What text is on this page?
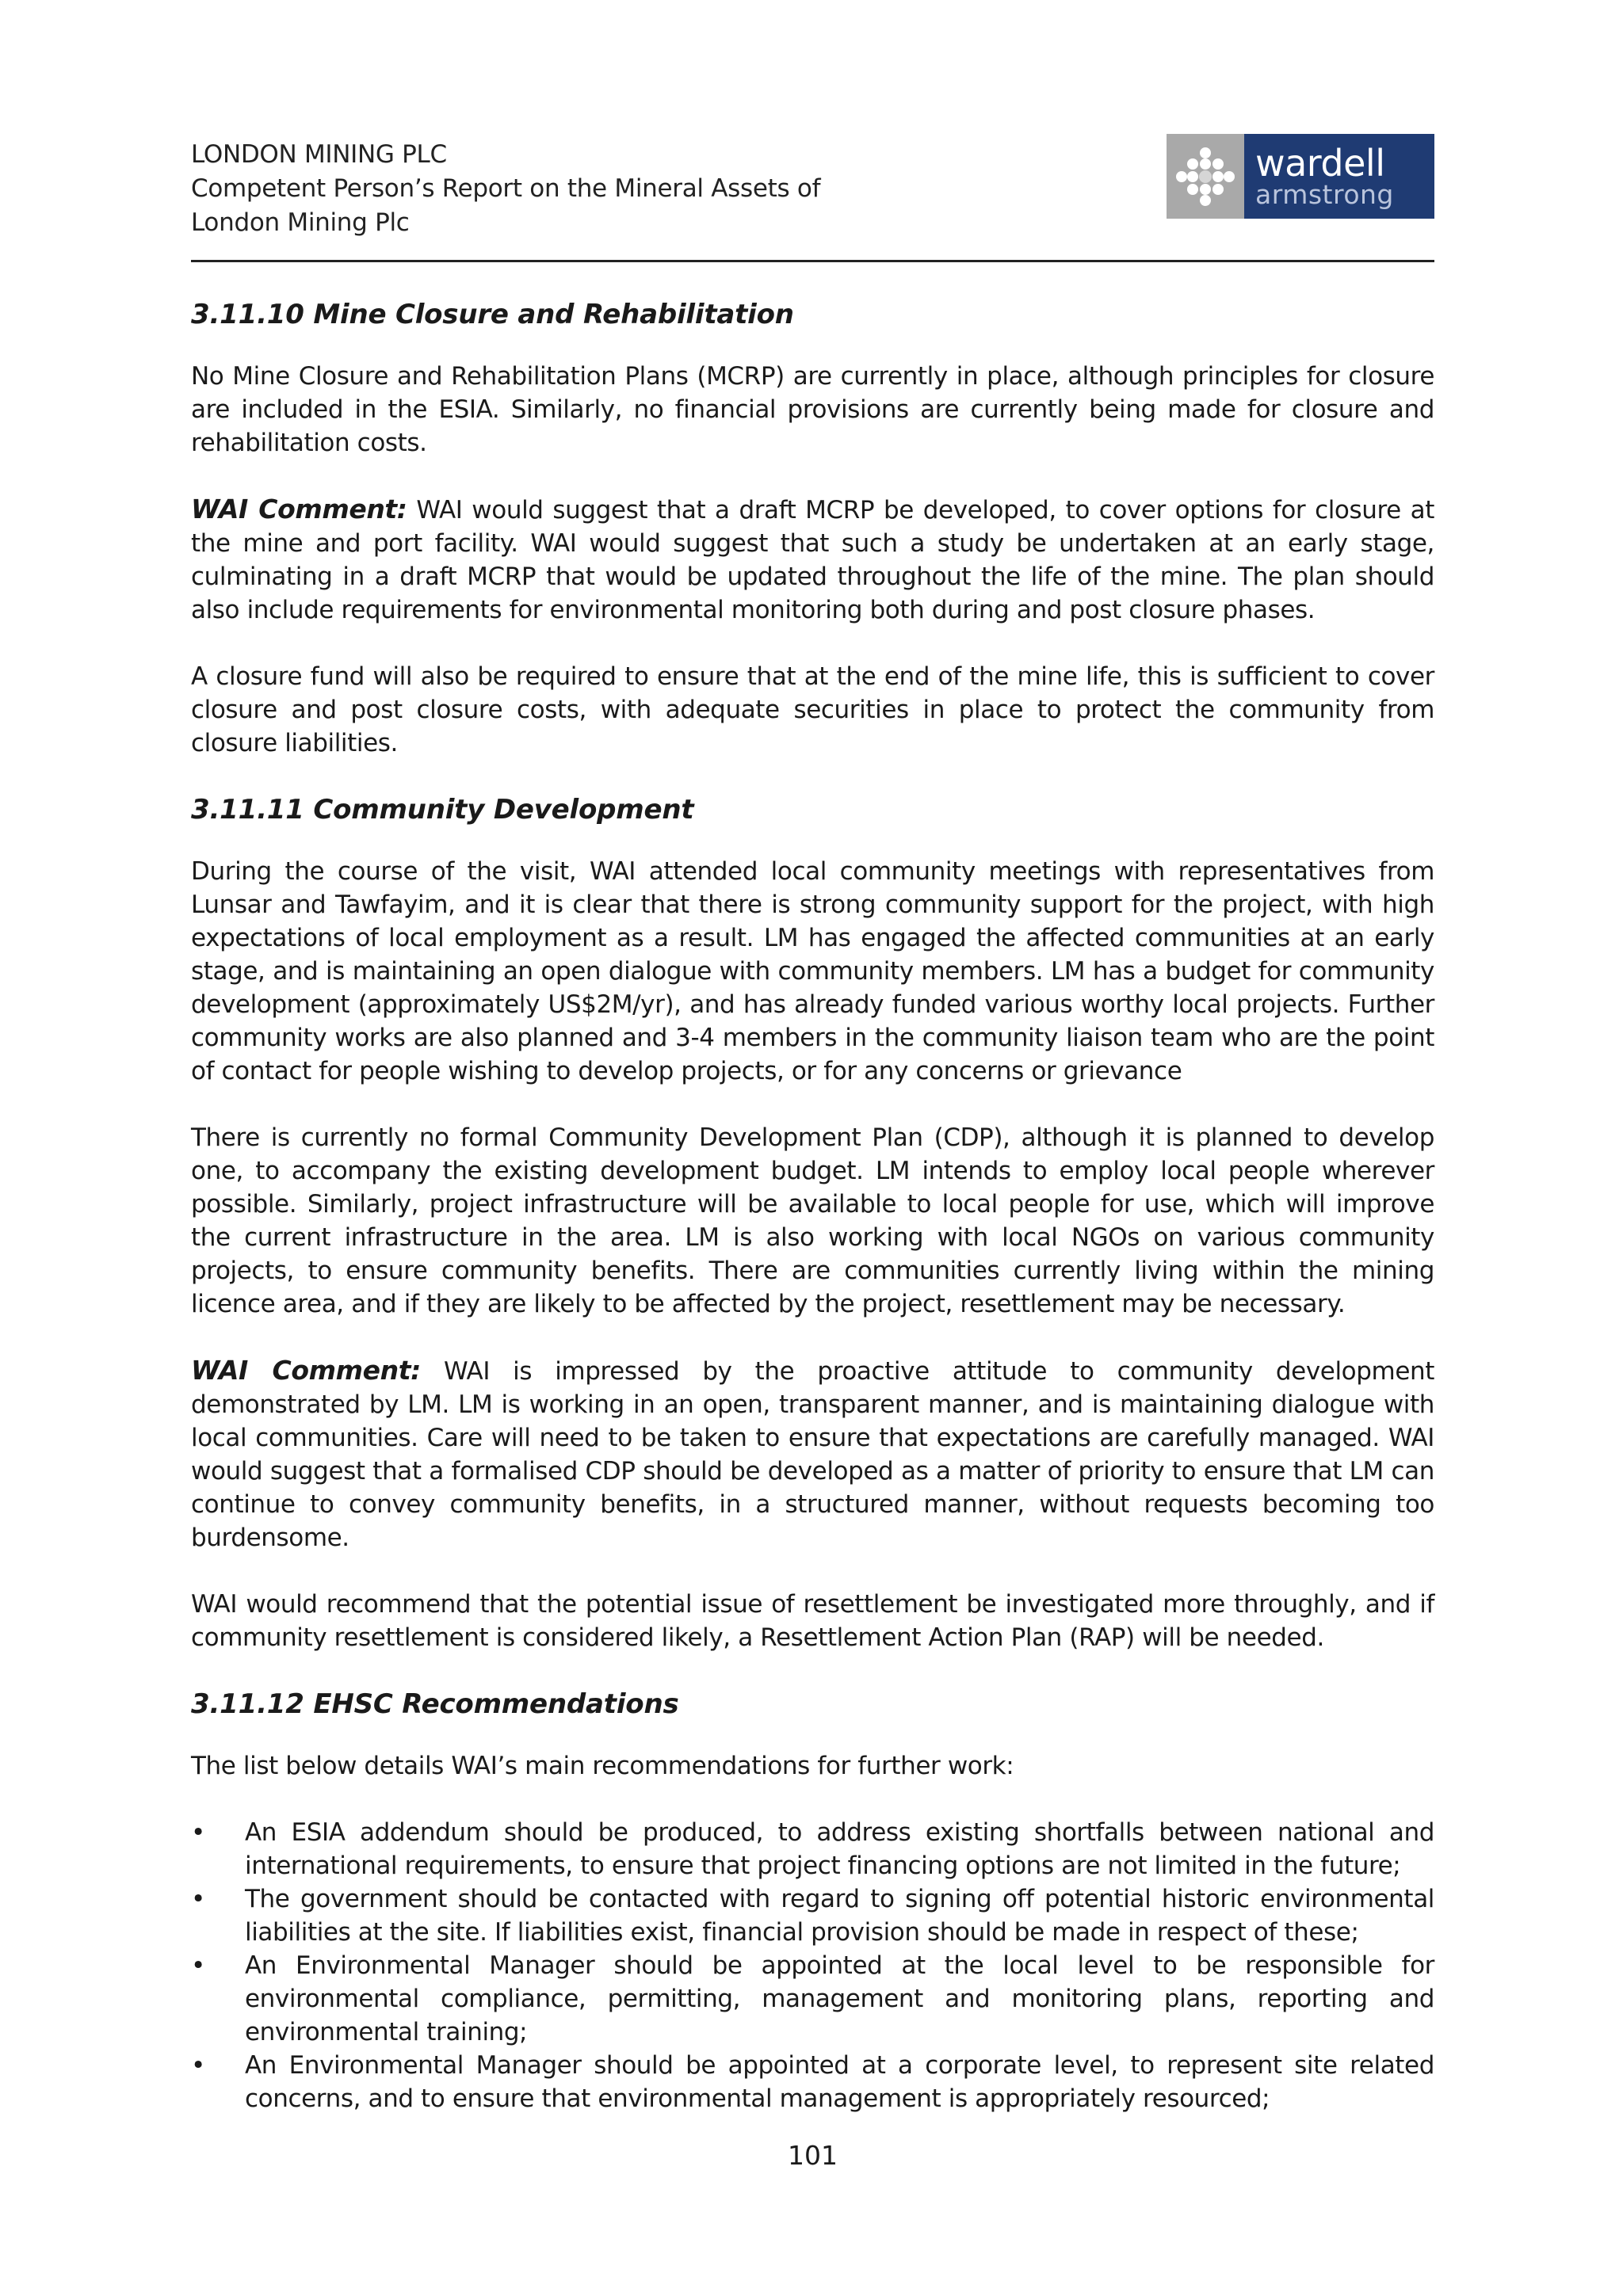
LONDON MINING PLC
Competent Person’s Report on the Mineral Assets of
London Mining Plc
wardell
armstrong
3.11.10 Mine Closure and Rehabilitation

No Mine Closure and Rehabilitation Plans (MCRP) are currently in place, although principles for closure are included in the ESIA. Similarly, no financial provisions are currently being made for closure and rehabilitation costs.

WAI Comment: WAI would suggest that a draft MCRP be developed, to cover options for closure at the mine and port facility. WAI would suggest that such a study be undertaken at an early stage, culminating in a draft MCRP that would be updated throughout the life of the mine. The plan should also include requirements for environmental monitoring both during and post closure phases.

A closure fund will also be required to ensure that at the end of the mine life, this is sufficient to cover closure and post closure costs, with adequate securities in place to protect the community from closure liabilities.

3.11.11 Community Development

During the course of the visit, WAI attended local community meetings with representatives from Lunsar and Tawfayim, and it is clear that there is strong community support for the project, with high expectations of local employment as a result. LM has engaged the affected communities at an early stage, and is maintaining an open dialogue with community members. LM has a budget for community development (approximately US$2M/yr), and has already funded various worthy local projects. Further community works are also planned and 3-4 members in the community liaison team who are the point of contact for people wishing to develop projects, or for any concerns or grievance

There is currently no formal Community Development Plan (CDP), although it is planned to develop one, to accompany the existing development budget. LM intends to employ local people wherever possible. Similarly, project infrastructure will be available to local people for use, which will improve the current infrastructure in the area. LM is also working with local NGOs on various community projects, to ensure community benefits. There are communities currently living within the mining licence area, and if they are likely to be affected by the project, resettlement may be necessary.

WAI Comment: WAI is impressed by the proactive attitude to community development demonstrated by LM. LM is working in an open, transparent manner, and is maintaining dialogue with local communities. Care will need to be taken to ensure that expectations are carefully managed. WAI would suggest that a formalised CDP should be developed as a matter of priority to ensure that LM can continue to convey community benefits, in a structured manner, without requests becoming too burdensome.

WAI would recommend that the potential issue of resettlement be investigated more throughly, and if community resettlement is considered likely, a Resettlement Action Plan (RAP) will be needed.

3.11.12 EHSC Recommendations

The list below details WAI’s main recommendations for further work:

• An ESIA addendum should be produced, to address existing shortfalls between national and international requirements, to ensure that project financing options are not limited in the future;
• The government should be contacted with regard to signing off potential historic environmental liabilities at the site. If liabilities exist, financial provision should be made in respect of these;
• An Environmental Manager should be appointed at the local level to be responsible for environmental compliance, permitting, management and monitoring plans, reporting and environmental training;
• An Environmental Manager should be appointed at a corporate level, to represent site related concerns, and to ensure that environmental management is appropriately resourced;
101
